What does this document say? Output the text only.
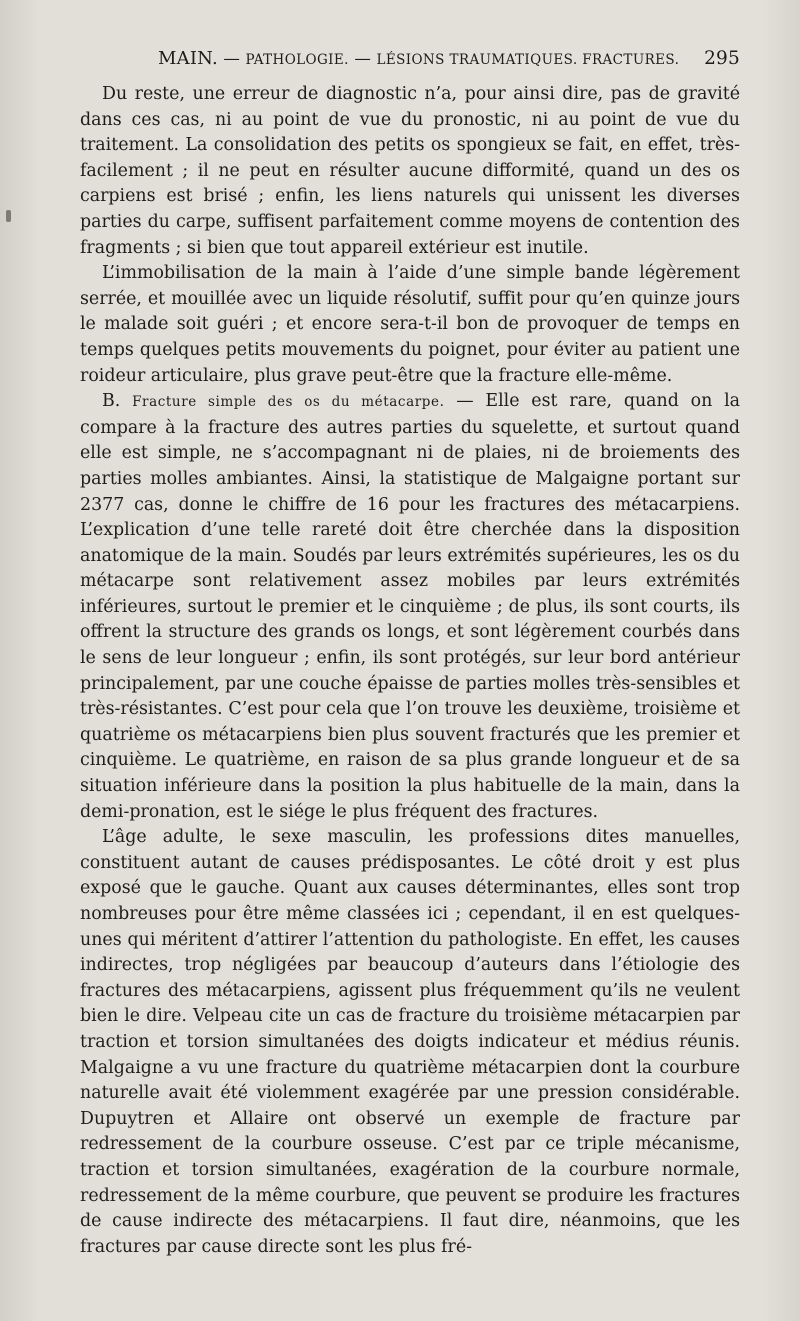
MAIN. — PATHOLOGIE. — LÉSIONS TRAUMATIQUES. FRACTURES. 295

Du reste, une erreur de diagnostic n’a, pour ainsi dire, pas de gravité dans ces cas, ni au point de vue du pronostic, ni au point de vue du traitement. La consolidation des petits os spongieux se fait, en effet, très-facilement ; il ne peut en résulter aucune difformité, quand un des os carpiens est brisé ; enfin, les liens naturels qui unissent les diverses parties du carpe, suffisent parfaitement comme moyens de contention des fragments ; si bien que tout appareil extérieur est inutile.

L’immobilisation de la main à l’aide d’une simple bande légèrement serrée, et mouillée avec un liquide résolutif, suffit pour qu’en quinze jours le malade soit guéri ; et encore sera-t-il bon de provoquer de temps en temps quelques petits mouvements du poignet, pour éviter au patient une roideur articulaire, plus grave peut-être que la fracture elle-même.

B. Fracture simple des os du métacarpe. — Elle est rare, quand on la compare à la fracture des autres parties du squelette, et surtout quand elle est simple, ne s’accompagnant ni de plaies, ni de broiements des parties molles ambiantes. Ainsi, la statistique de Malgaigne portant sur 2377 cas, donne le chiffre de 16 pour les fractures des métacarpiens. L’explication d’une telle rareté doit être cherchée dans la disposition anatomique de la main. Soudés par leurs extrémités supérieures, les os du métacarpe sont relativement assez mobiles par leurs extrémités inférieures, surtout le premier et le cinquième ; de plus, ils sont courts, ils offrent la structure des grands os longs, et sont légèrement courbés dans le sens de leur longueur ; enfin, ils sont protégés, sur leur bord antérieur principalement, par une couche épaisse de parties molles très-sensibles et très-résistantes. C’est pour cela que l’on trouve les deuxième, troisième et quatrième os métacarpiens bien plus souvent fracturés que les premier et cinquième. Le quatrième, en raison de sa plus grande longueur et de sa situation inférieure dans la position la plus habituelle de la main, dans la demi-pronation, est le siége le plus fréquent des fractures.

L’âge adulte, le sexe masculin, les professions dites manuelles, constituent autant de causes prédisposantes. Le côté droit y est plus exposé que le gauche. Quant aux causes déterminantes, elles sont trop nombreuses pour être même classées ici ; cependant, il en est quelques-unes qui méritent d’attirer l’attention du pathologiste. En effet, les causes indirectes, trop négligées par beaucoup d’auteurs dans l’étiologie des fractures des métacarpiens, agissent plus fréquemment qu’ils ne veulent bien le dire. Velpeau cite un cas de fracture du troisième métacarpien par traction et torsion simultanées des doigts indicateur et médius réunis. Malgaigne a vu une fracture du quatrième métacarpien dont la courbure naturelle avait été violemment exagérée par une pression considérable. Dupuytren et Allaire ont observé un exemple de fracture par redressement de la courbure osseuse. C’est par ce triple mécanisme, traction et torsion simultanées, exagération de la courbure normale, redressement de la même courbure, que peuvent se produire les fractures de cause indirecte des métacarpiens. Il faut dire, néanmoins, que les fractures par cause directe sont les plus fré-
